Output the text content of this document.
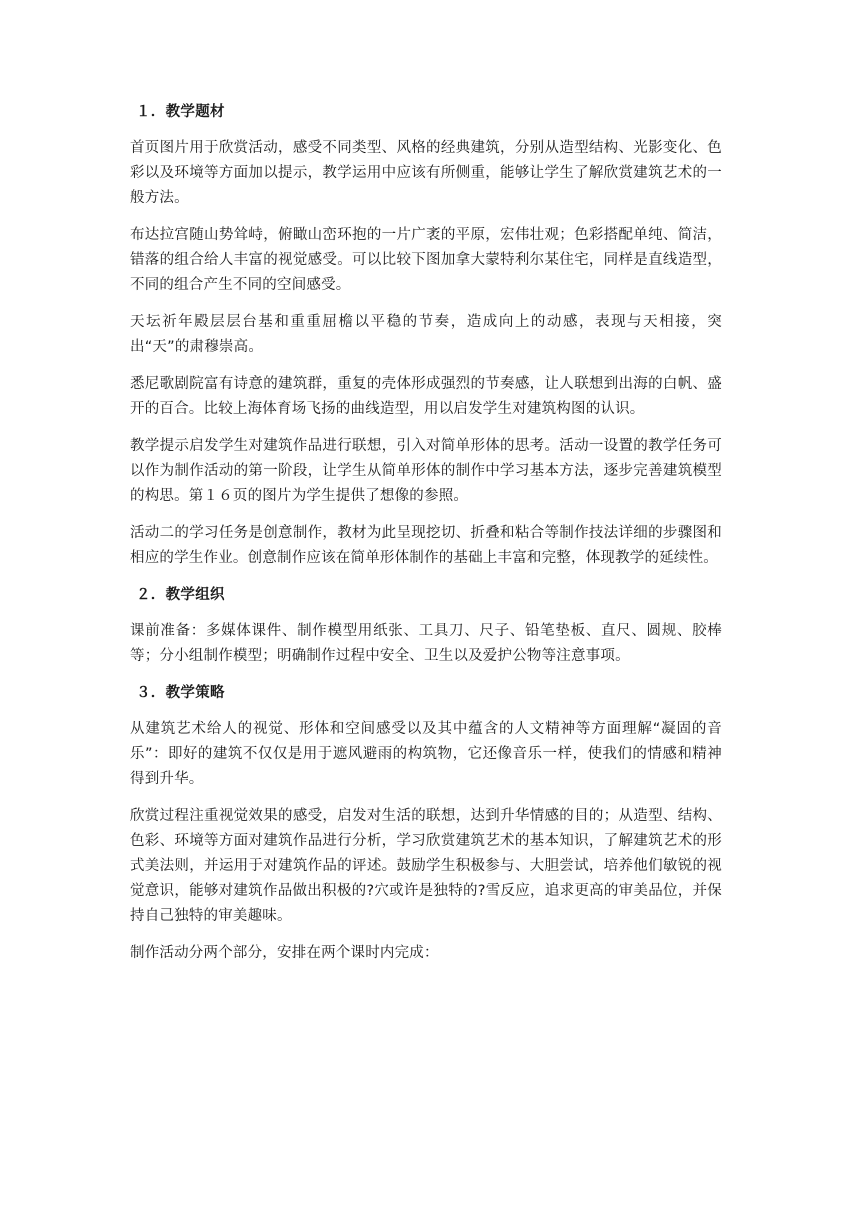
１．教学题材

首页图片用于欣赏活动，感受不同类型、风格的经典建筑，分别从造型结构、光影变化、色彩以及环境等方面加以提示，教学运用中应该有所侧重，能够让学生了解欣赏建筑艺术的一般方法。

布达拉宫随山势耸峙，俯瞰山峦环抱的一片广袤的平原，宏伟壮观；色彩搭配单纯、简洁，错落的组合给人丰富的视觉感受。可以比较下图加拿大蒙特利尔某住宅，同样是直线造型，不同的组合产生不同的空间感受。

天坛祈年殿层层台基和重重屈檐以平稳的节奏，造成向上的动感，表现与天相接，突出“天”的肃穆崇高。

悉尼歌剧院富有诗意的建筑群，重复的壳体形成强烈的节奏感，让人联想到出海的白帆、盛开的百合。比较上海体育场飞扬的曲线造型，用以启发学生对建筑构图的认识。

教学提示启发学生对建筑作品进行联想，引入对简单形体的思考。活动一设置的教学任务可以作为制作活动的第一阶段，让学生从简单形体的制作中学习基本方法，逐步完善建筑模型的构思。第１６页的图片为学生提供了想像的参照。

活动二的学习任务是创意制作，教材为此呈现挖切、折叠和粘合等制作技法详细的步骤图和相应的学生作业。创意制作应该在简单形体制作的基础上丰富和完整，体现教学的延续性。

２．教学组织

课前准备：多媒体课件、制作模型用纸张、工具刀、尺子、铅笔垫板、直尺、圆规、胶棒等；分小组制作模型；明确制作过程中安全、卫生以及爱护公物等注意事项。

３．教学策略

从建筑艺术给人的视觉、形体和空间感受以及其中蕴含的人文精神等方面理解“凝固的音乐”：即好的建筑不仅仅是用于遮风避雨的构筑物，它还像音乐一样，使我们的情感和精神得到升华。

欣赏过程注重视觉效果的感受，启发对生活的联想，达到升华情感的目的；从造型、结构、色彩、环境等方面对建筑作品进行分析，学习欣赏建筑艺术的基本知识，了解建筑艺术的形式美法则，并运用于对建筑作品的评述。鼓励学生积极参与、大胆尝试，培养他们敏锐的视觉意识，能够对建筑作品做出积极的?穴或许是独特的?雪反应，追求更高的审美品位，并保持自己独特的审美趣味。

制作活动分两个部分，安排在两个课时内完成：
